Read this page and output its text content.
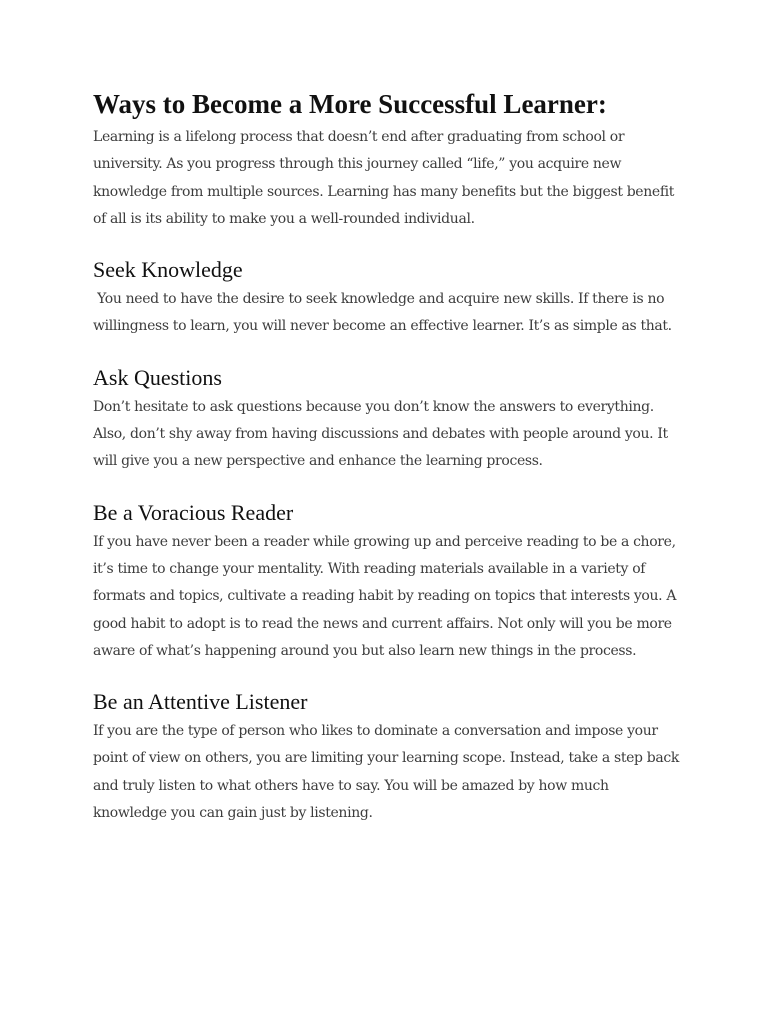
Ways to Become a More Successful Learner:

Learning is a lifelong process that doesn’t end after graduating from school or university. As you progress through this journey called “life,” you acquire new knowledge from multiple sources. Learning has many benefits but the biggest benefit of all is its ability to make you a well-rounded individual.

Seek Knowledge

You need to have the desire to seek knowledge and acquire new skills. If there is no willingness to learn, you will never become an effective learner. It’s as simple as that.

Ask Questions

Don’t hesitate to ask questions because you don’t know the answers to everything. Also, don’t shy away from having discussions and debates with people around you. It will give you a new perspective and enhance the learning process.

Be a Voracious Reader

If you have never been a reader while growing up and perceive reading to be a chore, it’s time to change your mentality. With reading materials available in a variety of formats and topics, cultivate a reading habit by reading on topics that interests you. A good habit to adopt is to read the news and current affairs. Not only will you be more aware of what’s happening around you but also learn new things in the process.

Be an Attentive Listener

If you are the type of person who likes to dominate a conversation and impose your point of view on others, you are limiting your learning scope. Instead, take a step back and truly listen to what others have to say. You will be amazed by how much knowledge you can gain just by listening.
